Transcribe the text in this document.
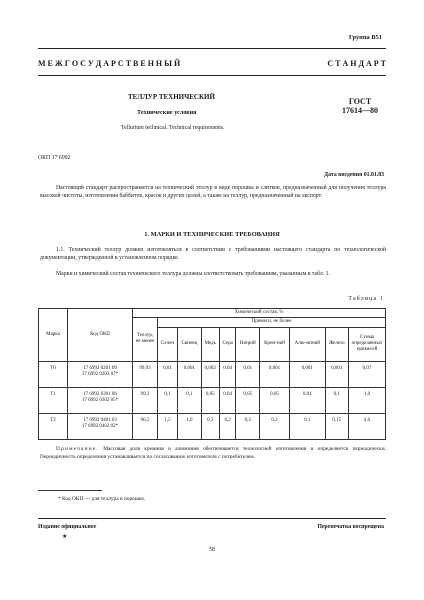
Группа В51
М Е Ж Г О С У Д А Р С Т В Е Н Н Ы Й	С Т А Н Д А Р Т
ТЕЛЛУР ТЕХНИЧЕСКИЙ
Технические условия
Tellurium technical. Technical requirements.
ГОСТ
17614—80
ОКП 17 6992
Дата введения 01.01.83
Настоящий стандарт распространяется на технический теллур в виде порошка и слитков, предназначенный для получения теллура высокой чистоты, изготовления баббитов, красок и других целей, а также на теллур, предназначенный на экспорт.
1. МАРКИ И ТЕХНИЧЕСКИЕ ТРЕБОВАНИЯ
1.1. Технический теллур должен изготовляться в соответствии с требованиями настоящего стандарта по технологической документации, утвержденной в установленном порядке.
Марки и химический состав технического теллура должны соответствовать требованиям, указанным в табл. 1.
Таблица 1
Марка	Код ОКП	Химический состав, %									
		Теллур, не менее	Примеси, не более								
			Селен	Свинец	Медь	Сера	Натрий	Крем-ний	Алю-миний	Железо	Сумма определяемых примесей
Т0	17 6992 0201 09
17 6992 0203 07*	99,93	0,01	0,001	0,002	0,04	0,01	0,001	0,001	0,001	0,07
Т1	17 6992 0301 06
17 6992 0302 05*	99,3	0,1	0,1	0,05	0,04	0,05	0,05	0,04	0,1	1,0
Т2	17 6992 0401 03
17 6992 0402 02*	96,5	1,5	1,0	0,3	0,2	0,3	0,2	0,1	0,15	4,0
Примечание. Массовая доля кремния и алюминия обеспечивается технологией изготовления и определяется периодически. Периодичность определения устанавливается по согласованию изготовителя с потребителем.
* Код ОКП — для теллура в порошке.
Издание официальное	Перепечатка воспрещена
★
58
